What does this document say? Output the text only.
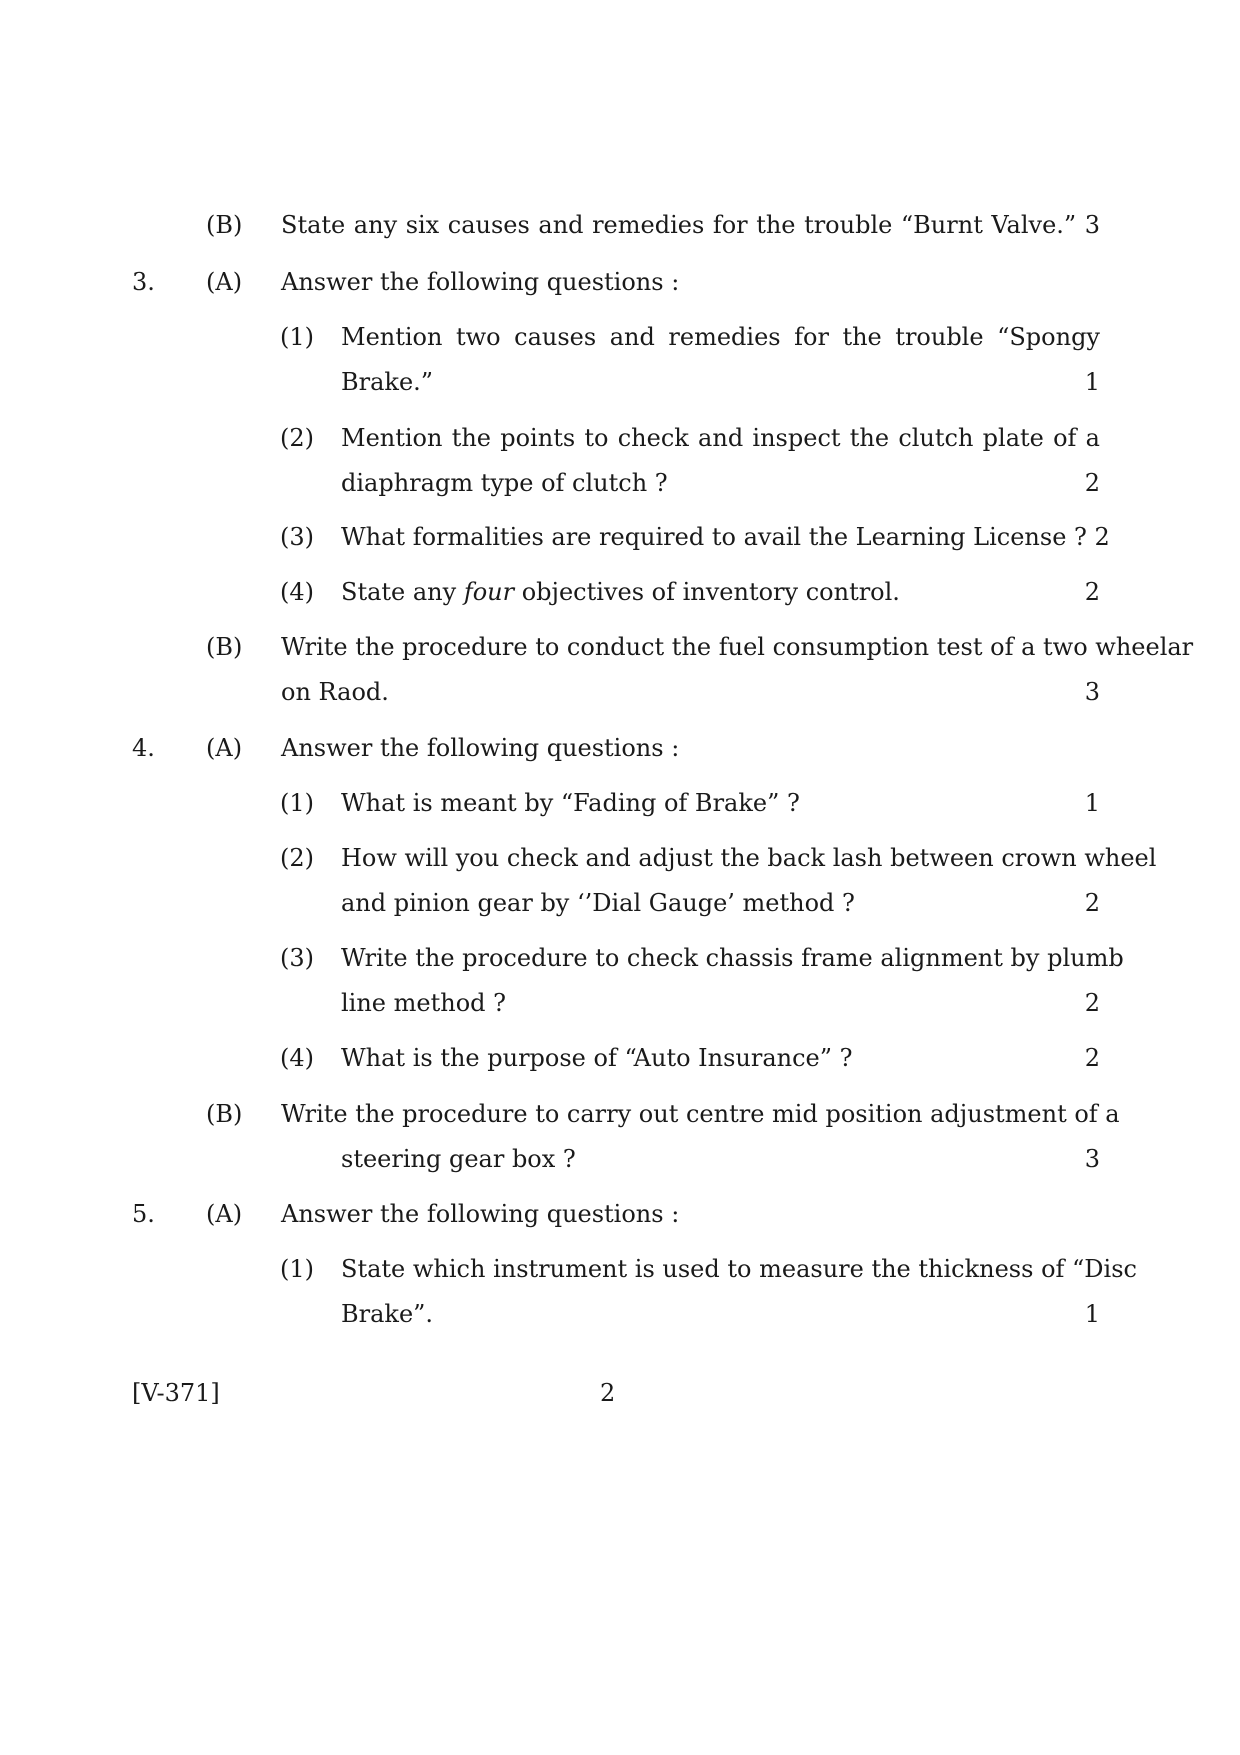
(B) State any six causes and remedies for the trouble “Burnt Valve.” 3
3. (A) Answer the following questions :
(1) Mention two causes and remedies for the trouble “Spongy
Brake.”	1
(2) Mention the points to check and inspect the clutch plate of a
diaphragm type of clutch ?	2
(3) What formalities are required to avail the Learning License ? 2
(4) State any four objectives of inventory control.	2
(B) Write the procedure to conduct the fuel consumption test of a two wheelar
on Raod.	3
4. (A) Answer the following questions :
(1) What is meant by “Fading of Brake” ?	1
(2) How will you check and adjust the back lash between crown wheel
and pinion gear by ‘’Dial Gauge’ method ?	2
(3) Write the procedure to check chassis frame alignment by plumb
line method ?	2
(4) What is the purpose of “Auto Insurance” ?	2
(B) Write the procedure to carry out centre mid position adjustment of a
steering gear box ?	3
5. (A) Answer the following questions :
(1) State which instrument is used to measure the thickness of “Disc
Brake”.	1
[V-371]	2
